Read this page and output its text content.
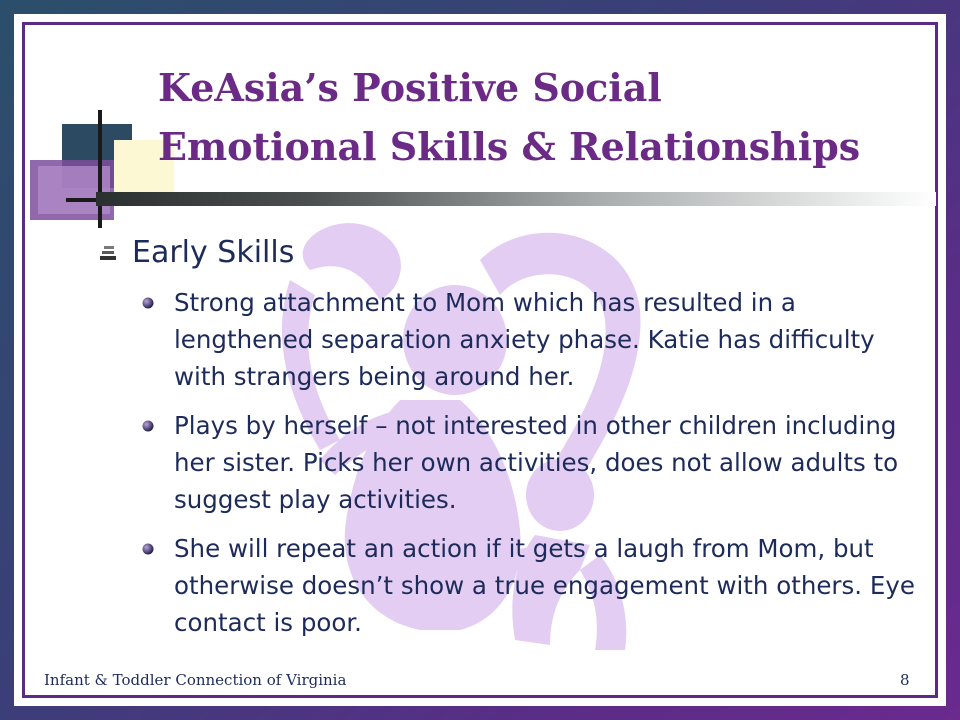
KeAsia’s Positive Social
Emotional Skills & Relationships
Early Skills
Strong attachment to Mom which has resulted in a lengthened separation anxiety phase. Katie has difficulty with strangers being around her.
Plays by herself – not interested in other children including her sister. Picks her own activities, does not allow adults to suggest play activities.
She will repeat an action if it gets a laugh from Mom, but otherwise doesn’t show a true engagement with others. Eye contact is poor.
Infant & Toddler Connection of Virginia	8
